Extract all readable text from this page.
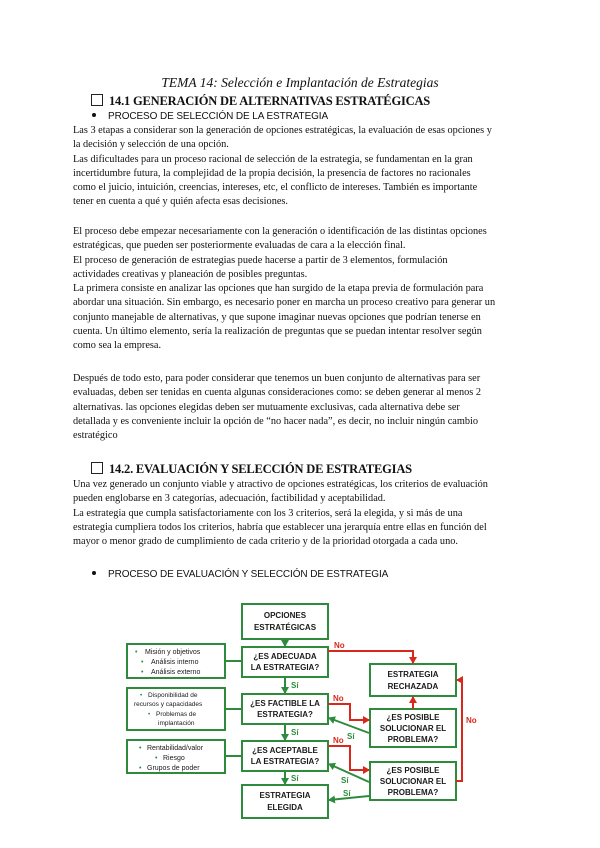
TEMA 14: Selección e Implantación de Estrategias
14.1 GENERACIÓN DE ALTERNATIVAS ESTRATÉGICAS
PROCESO DE SELECCIÓN DE LA ESTRATEGIA

Las 3 etapas a considerar son la generación de opciones estratégicas, la evaluación de esas opciones y

la decisión y selección de una opción.

Las dificultades para un proceso racional de selección de la estrategia, se fundamentan en la gran

incertidumbre futura, la complejidad de la propia decisión, la presencia de factores no racionales

como el juicio, intuición, creencias, intereses, etc, el conflicto de intereses. También es importante

tener en cuenta a qué y quién afecta esas decisiones.

El proceso debe empezar necesariamente con la generación o identificación de las distintas opciones

estratégicas, que pueden ser posteriormente evaluadas de cara a la elección final.

El proceso de generación de estrategias puede hacerse a partir de 3 elementos, formulación

actividades creativas y planeación de posibles preguntas.

La primera consiste en analizar las opciones que han surgido de la etapa previa de formulación para

abordar una situación. Sin embargo, es necesario poner en marcha un proceso creativo para generar un

conjunto manejable de alternativas, y que supone imaginar nuevas opciones que podrían tenerse en

cuenta. Un último elemento, sería la realización de preguntas que se puedan intentar resolver según

como sea la empresa.

Después de todo esto, para poder considerar que tenemos un buen conjunto de alternativas para ser

evaluadas, deben ser tenidas en cuenta algunas consideraciones como: se deben generar al menos 2

alternativas. las opciones elegidas deben ser mutuamente exclusivas, cada alternativa debe ser

detallada y es conveniente incluir la opción de “no hacer nada”, es decir, no incluir ningún cambio

estratégico

14.2. EVALUACIÓN Y SELECCIÓN DE ESTRATEGIAS

Una vez generado un conjunto viable y atractivo de opciones estratégicas, los criterios de evaluación

pueden englobarse en 3 categorías, adecuación, factibilidad y aceptabilidad.

La estrategia que cumpla satisfactoriamente con los 3 criterios, será la elegida, y si más de una

estrategia cumpliera todos los criterios, habría que establecer una jerarquía entre ellas en función del

mayor o menor grado de cumplimiento de cada criterio y de la prioridad otorgada a cada uno.

PROCESO DE EVALUACIÓN Y SELECCIÓN DE ESTRATEGIA
OPCIONES
ESTRATÉGICAS
¿ES ADECUADA
LA ESTRATEGIA?
¿ES FACTIBLE LA
ESTRATEGIA?
¿ES ACEPTABLE
LA ESTRATEGIA?
ESTRATEGIA
ELEGIDA
ESTRATEGIA
RECHAZADA
¿ES POSIBLE
SOLUCIONAR EL
PROBLEMA?
¿ES POSIBLE
SOLUCIONAR EL
PROBLEMA?
• Misión y objetivos
• Análisis interno
• Análisis externo
• Disponibilidad de
recursos y capacidades
• Problemas de
implantación
• Rentabilidad/valor
• Riesgo
• Grupos de poder
Sí
Sí
Sí
No
No
Sí
No
Sí
Sí
No
